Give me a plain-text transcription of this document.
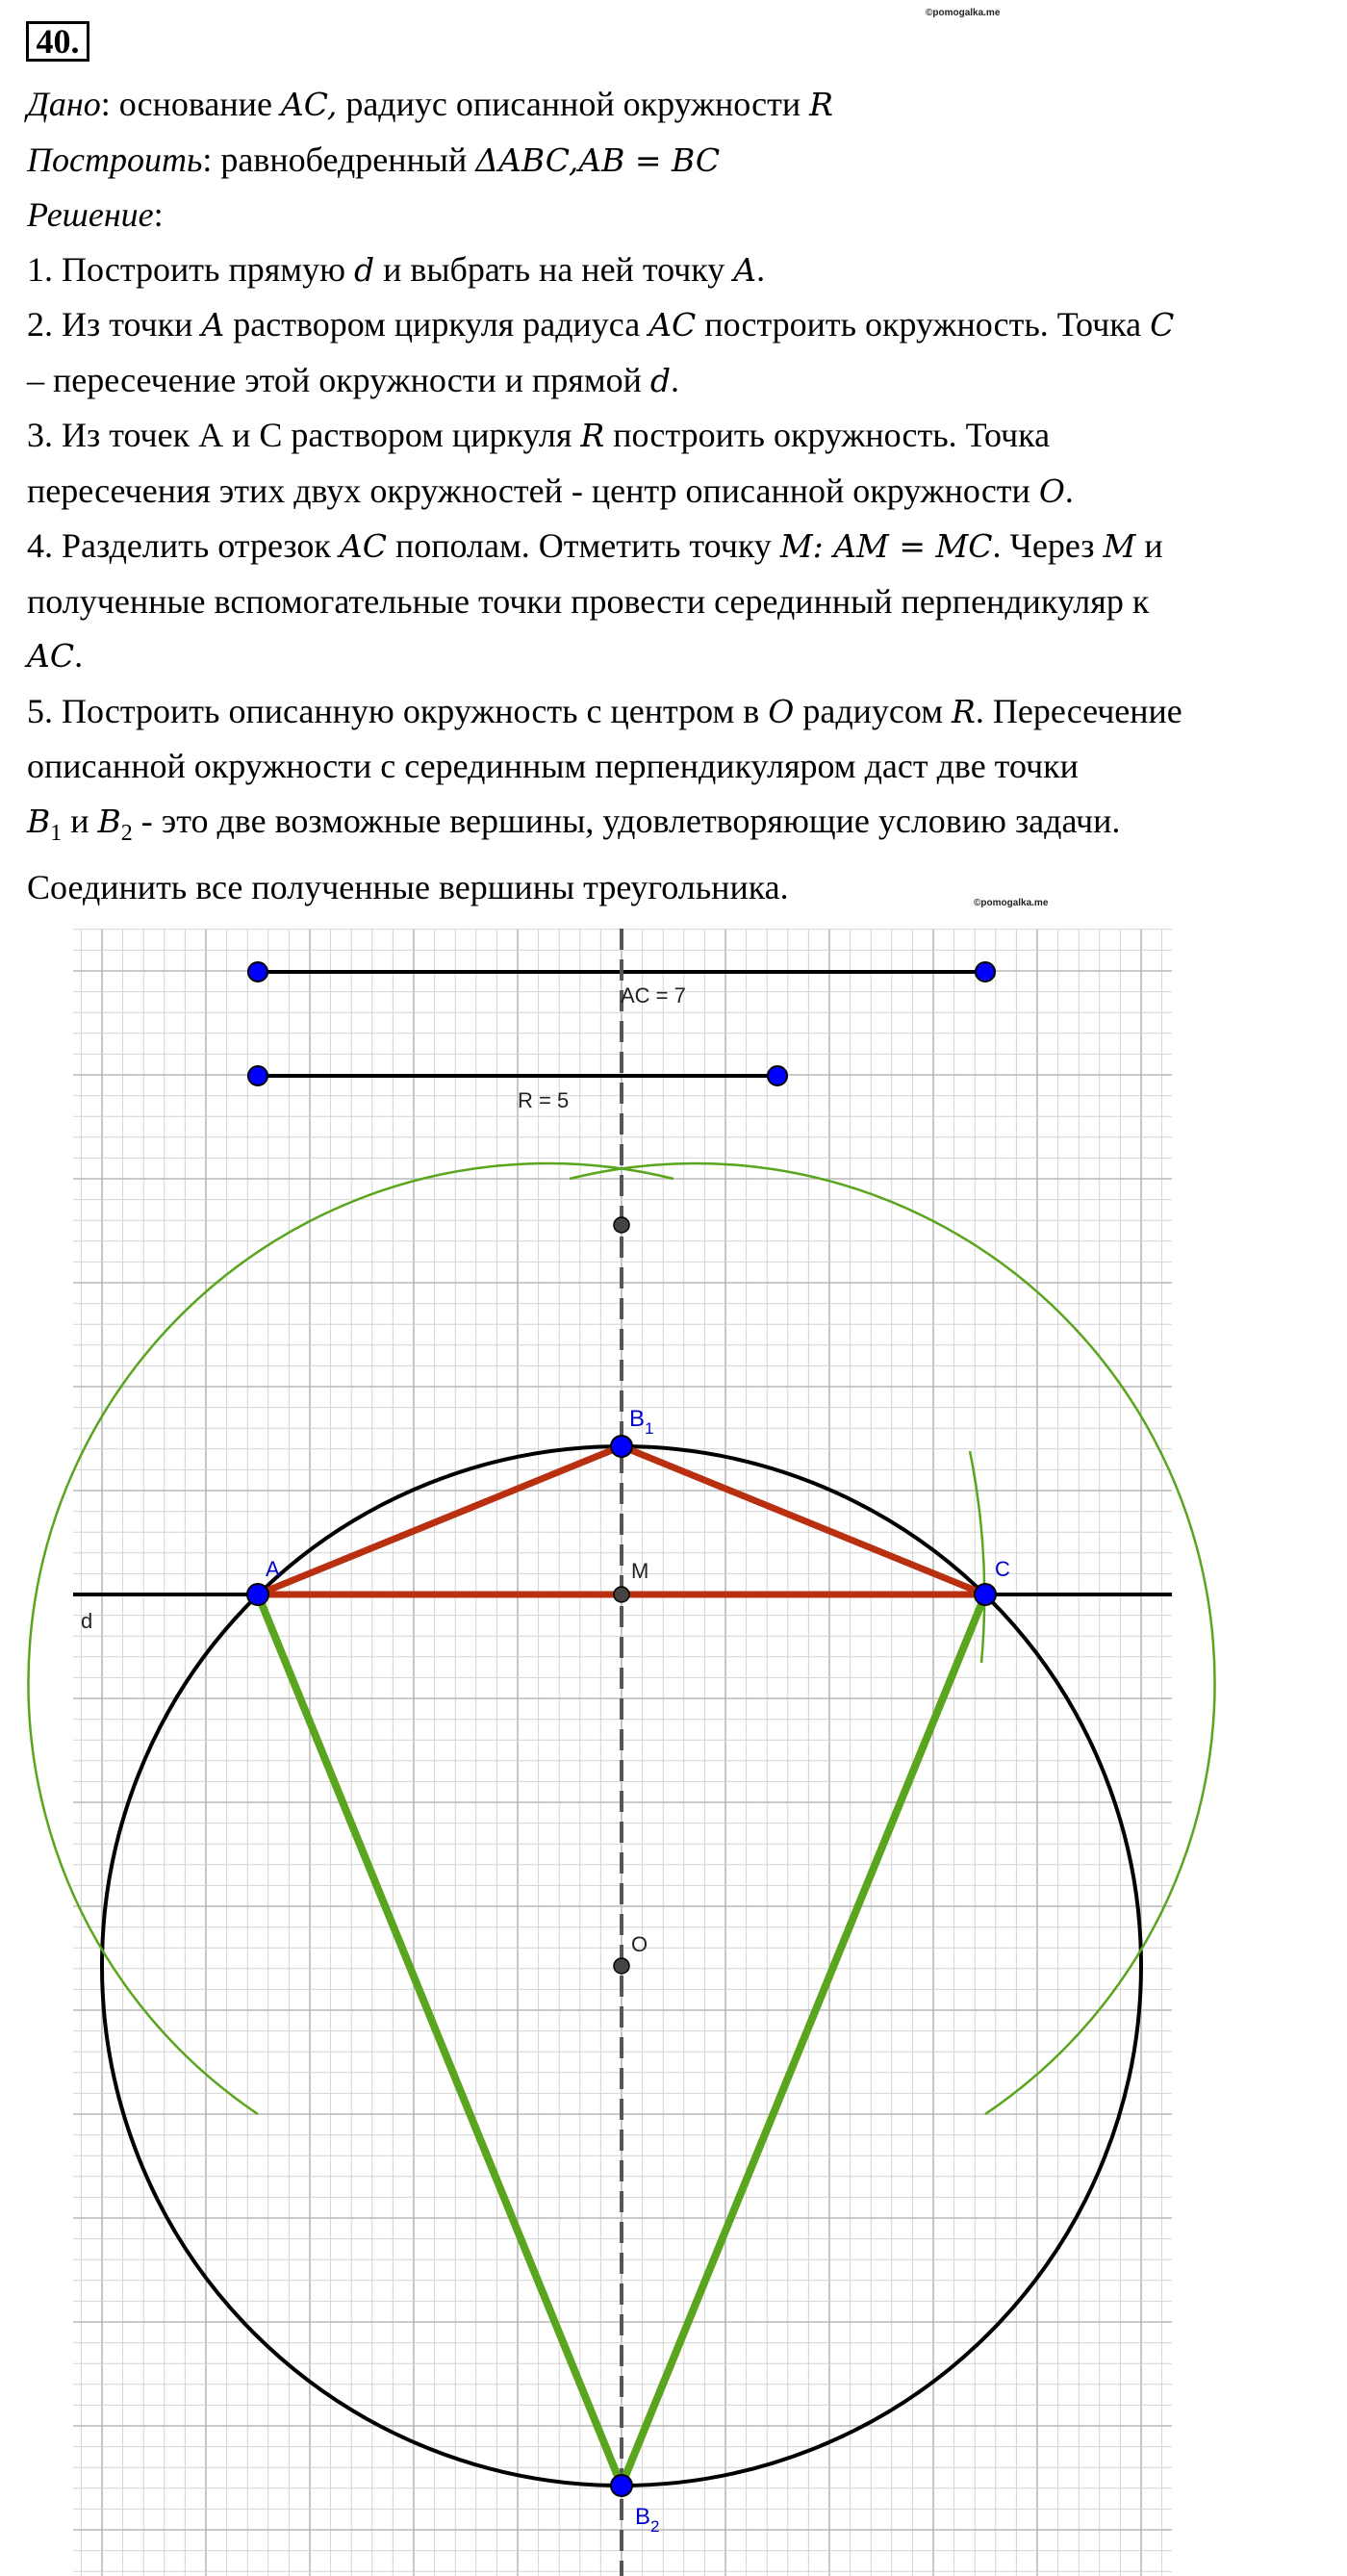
©pomogalka.me
40.

Дано: основание AC, радиус описанной окружности R

Построить: равнобедренный ΔABC,AB = BC

Решение:

1. Построить прямую d и выбрать на ней точку A.

2. Из точки A раствором циркуля радиуса AC построить окружность. Точка C

– пересечение этой окружности и прямой d.

3. Из точек А и С раствором циркуля R построить окружность. Точка

пересечения этих двух окружностей - центр описанной окружности O.

4. Разделить отрезок AC пополам. Отметить точку M: AM = MC. Через M и

полученные вспомогательные точки провести серединный перпендикуляр к

AC.

5. Построить описанную окружность с центром в O радиусом R. Пересечение

описанной окружности с серединным перпендикуляром даст две точки

$B_1$ и $B_2$ - это две возможные вершины, удовлетворяющие условию задачи.

Соединить все полученные вершины треугольника.	©pomogalka.me
AC = 7
R = 5
d
A	C
M
O
$B_1$
$B_2$
